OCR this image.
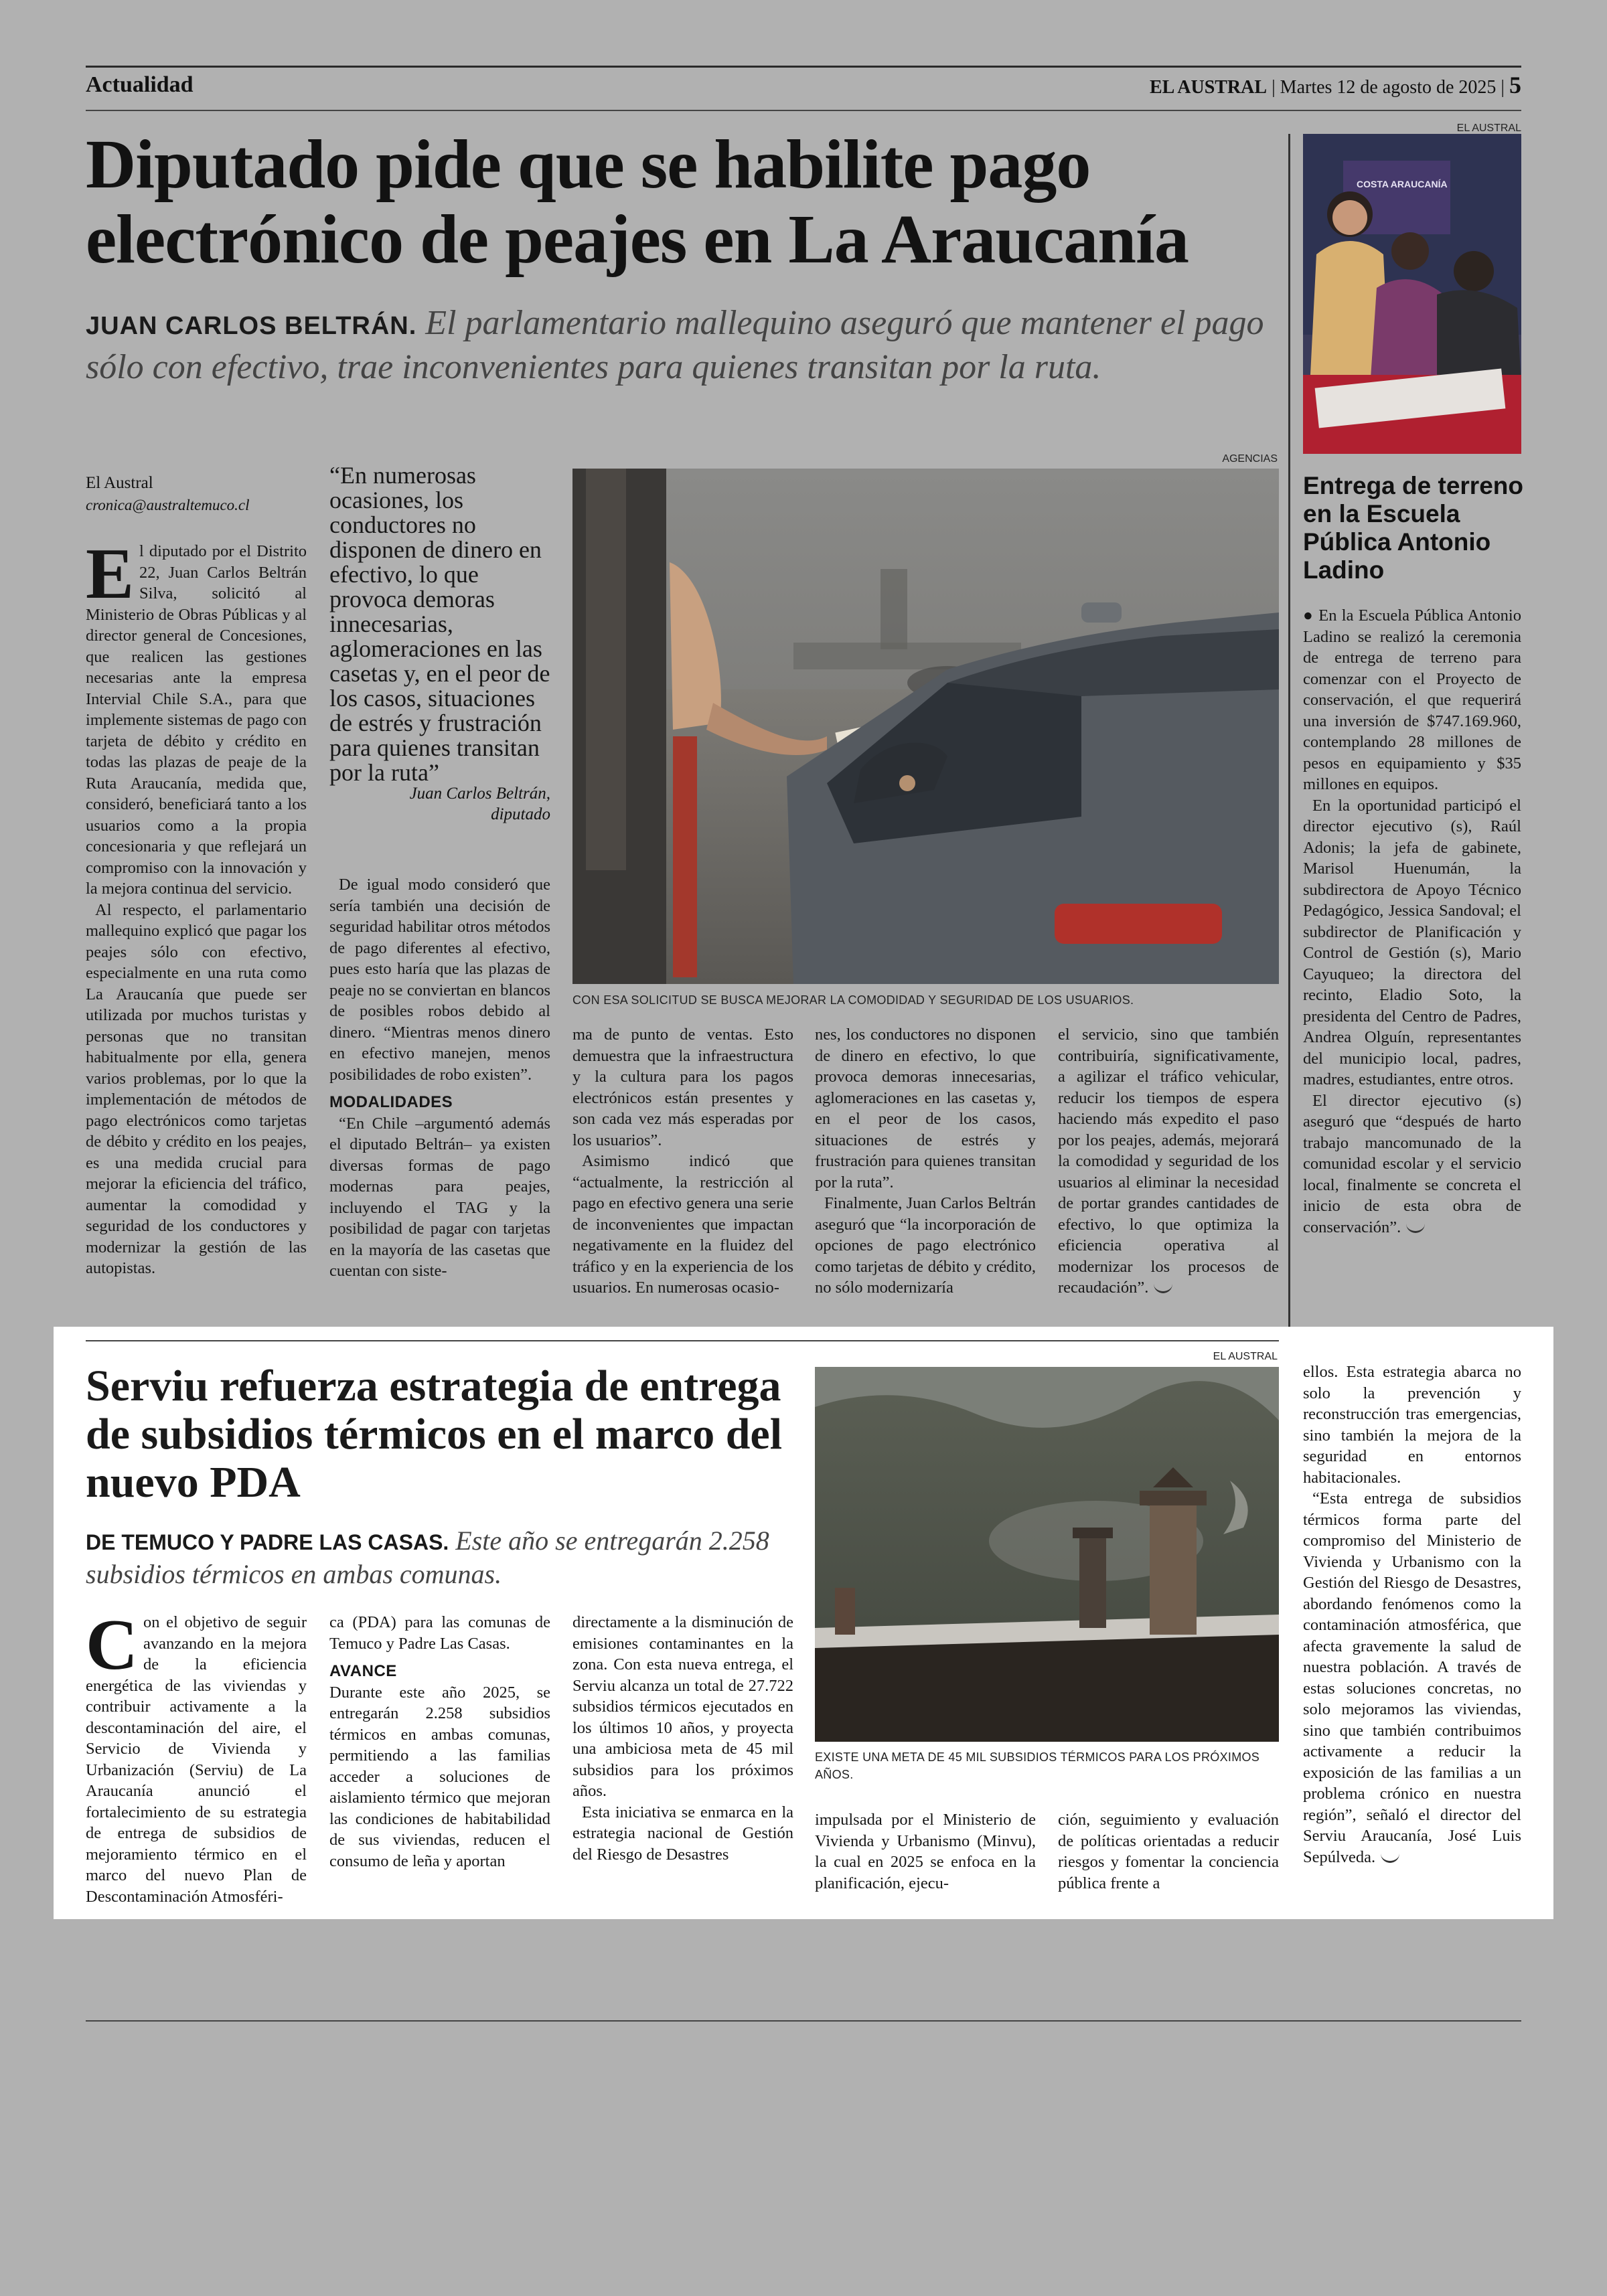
Actualidad	EL AUSTRAL | Martes 12 de agosto de 2025 | 5
Diputado pide que se habilite pago electrónico de peajes en La Araucanía
JUAN CARLOS BELTRÁN. El parlamentario mallequino aseguró que mantener el pago sólo con efectivo, trae inconvenientes para quienes transitan por la ruta.
El Austral
cronica@australtemuco.cl

El diputado por el Distrito 22, Juan Carlos Beltrán Silva, solicitó al Ministerio de Obras Públicas y al director general de Concesiones, que realicen las gestiones necesarias ante la empresa Intervial Chile S.A., para que implemente sistemas de pago con tarjeta de débito y crédito en todas las plazas de peaje de la Ruta Araucanía, medida que, consideró, beneficiará tanto a los usuarios como a la propia concesionaria y que reflejará un compromiso con la innovación y la mejora continua del servicio.

Al respecto, el parlamentario mallequino explicó que pagar los peajes sólo con efectivo, especialmente en una ruta como La Araucanía que puede ser utilizada por muchos turistas y personas que no transitan habitualmente por ella, genera varios problemas, por lo que la implementación de métodos de pago electrónicos como tarjetas de débito y crédito en los peajes, es una medida crucial para mejorar la eficiencia del tráfico, aumentar la comodidad y seguridad de los conductores y modernizar la gestión de las autopistas.

“En numerosas ocasiones, los conductores no disponen de dinero en efectivo, lo que provoca demoras innecesarias, aglomeraciones en las casetas y, en el peor de los casos, situaciones de estrés y frustración para quienes transitan por la ruta”
Juan Carlos Beltrán,
diputado

De igual modo consideró que sería también una decisión de seguridad habilitar otros métodos de pago diferentes al efectivo, pues esto haría que las plazas de peaje no se conviertan en blancos de posibles robos debido al dinero. “Mientras menos dinero en efectivo manejen, menos posibilidades de robo existen”.

MODALIDADES

“En Chile –argumentó además el diputado Beltrán– ya existen diversas formas de pago modernas para peajes, incluyendo el TAG y la posibilidad de pagar con tarjetas en la mayoría de las casetas que cuentan con siste-

AGENCIAS
CON ESA SOLICITUD SE BUSCA MEJORAR LA COMODIDAD Y SEGURIDAD DE LOS USUARIOS.

ma de punto de ventas. Esto demuestra que la infraestructura y la cultura para los pagos electrónicos están presentes y son cada vez más esperadas por los usuarios”.

Asimismo indicó que “actualmente, la restricción al pago en efectivo genera una serie de inconvenientes que impactan negativamente en la fluidez del tráfico y en la experiencia de los usuarios. En numerosas ocasio-

nes, los conductores no disponen de dinero en efectivo, lo que provoca demoras innecesarias, aglomeraciones en las casetas y, en el peor de los casos, situaciones de estrés y frustración para quienes transitan por la ruta”.

Finalmente, Juan Carlos Beltrán aseguró que “la incorporación de opciones de pago electrónico como tarjetas de débito y crédito, no sólo modernizaría

el servicio, sino que también contribuiría, significativamente, a agilizar el tráfico vehicular, reducir los tiempos de espera haciendo más expedito el paso por los peajes, además, mejorará la comodidad y seguridad de los usuarios al eliminar la necesidad de portar grandes cantidades de efectivo, lo que optimiza la eficiencia operativa al modernizar los procesos de recaudación”.

EL AUSTRAL
COSTA ARAUCANÍA
Entrega de terreno en la Escuela Pública Antonio Ladino

● En la Escuela Pública Antonio Ladino se realizó la ceremonia de entrega de terreno para comenzar con el Proyecto de conservación, el que requerirá una inversión de $747.169.960, contemplando 28 millones de pesos en equipamiento y $35 millones en equipos.

En la oportunidad participó el director ejecutivo (s), Raúl Adonis; la jefa de gabinete, Marisol Huenumán, la subdirectora de Apoyo Técnico Pedagógico, Jessica Sandoval; el subdirector de Planificación y Control de Gestión (s), Mario Cayuqueo; la directora del recinto, Eladio Soto, la presidenta del Centro de Padres, Andrea Olguín, representantes del municipio local, padres, madres, estudiantes, entre otros.

El director ejecutivo (s) aseguró que “después de harto trabajo mancomunado de la comunidad escolar y el servicio local, finalmente se concreta el inicio de esta obra de conservación”.

Serviu refuerza estrategia de entrega de subsidios térmicos en el marco del nuevo PDA
DE TEMUCO Y PADRE LAS CASAS. Este año se entregarán 2.258 subsidios térmicos en ambas comunas.

Con el objetivo de seguir avanzando en la mejora de la eficiencia energética de las viviendas y contribuir activamente a la descontaminación del aire, el Servicio de Vivienda y Urbanización (Serviu) de La Araucanía anunció el fortalecimiento de su estrategia de entrega de subsidios de mejoramiento térmico en el marco del nuevo Plan de Descontaminación Atmosféri-

ca (PDA) para las comunas de Temuco y Padre Las Casas.

AVANCE

Durante este año 2025, se entregarán 2.258 subsidios térmicos en ambas comunas, permitiendo a las familias acceder a soluciones de aislamiento térmico que mejoran las condiciones de habitabilidad de sus viviendas, reducen el consumo de leña y aportan

directamente a la disminución de emisiones contaminantes en la zona. Con esta nueva entrega, el Serviu alcanza un total de 27.722 subsidios térmicos ejecutados en los últimos 10 años, y proyecta una ambiciosa meta de 45 mil subsidios para los próximos años.

Esta iniciativa se enmarca en la estrategia nacional de Gestión del Riesgo de Desastres

EL AUSTRAL
EXISTE UNA META DE 45 MIL SUBSIDIOS TÉRMICOS PARA LOS PRÓXIMOS AÑOS.

impulsada por el Ministerio de Vivienda y Urbanismo (Minvu), la cual en 2025 se enfoca en la planificación, ejecu-

ción, seguimiento y evaluación de políticas orientadas a reducir riesgos y fomentar la conciencia pública frente a

ellos. Esta estrategia abarca no solo la prevención y reconstrucción tras emergencias, sino también la mejora de la seguridad en entornos habitacionales.

“Esta entrega de subsidios térmicos forma parte del compromiso del Ministerio de Vivienda y Urbanismo con la Gestión del Riesgo de Desastres, abordando fenómenos como la contaminación atmosférica, que afecta gravemente la salud de nuestra población. A través de estas soluciones concretas, no solo mejoramos las viviendas, sino que también contribuimos activamente a reducir la exposición de las familias a un problema crónico en nuestra región”, señaló el director del Serviu Araucanía, José Luis Sepúlveda.
